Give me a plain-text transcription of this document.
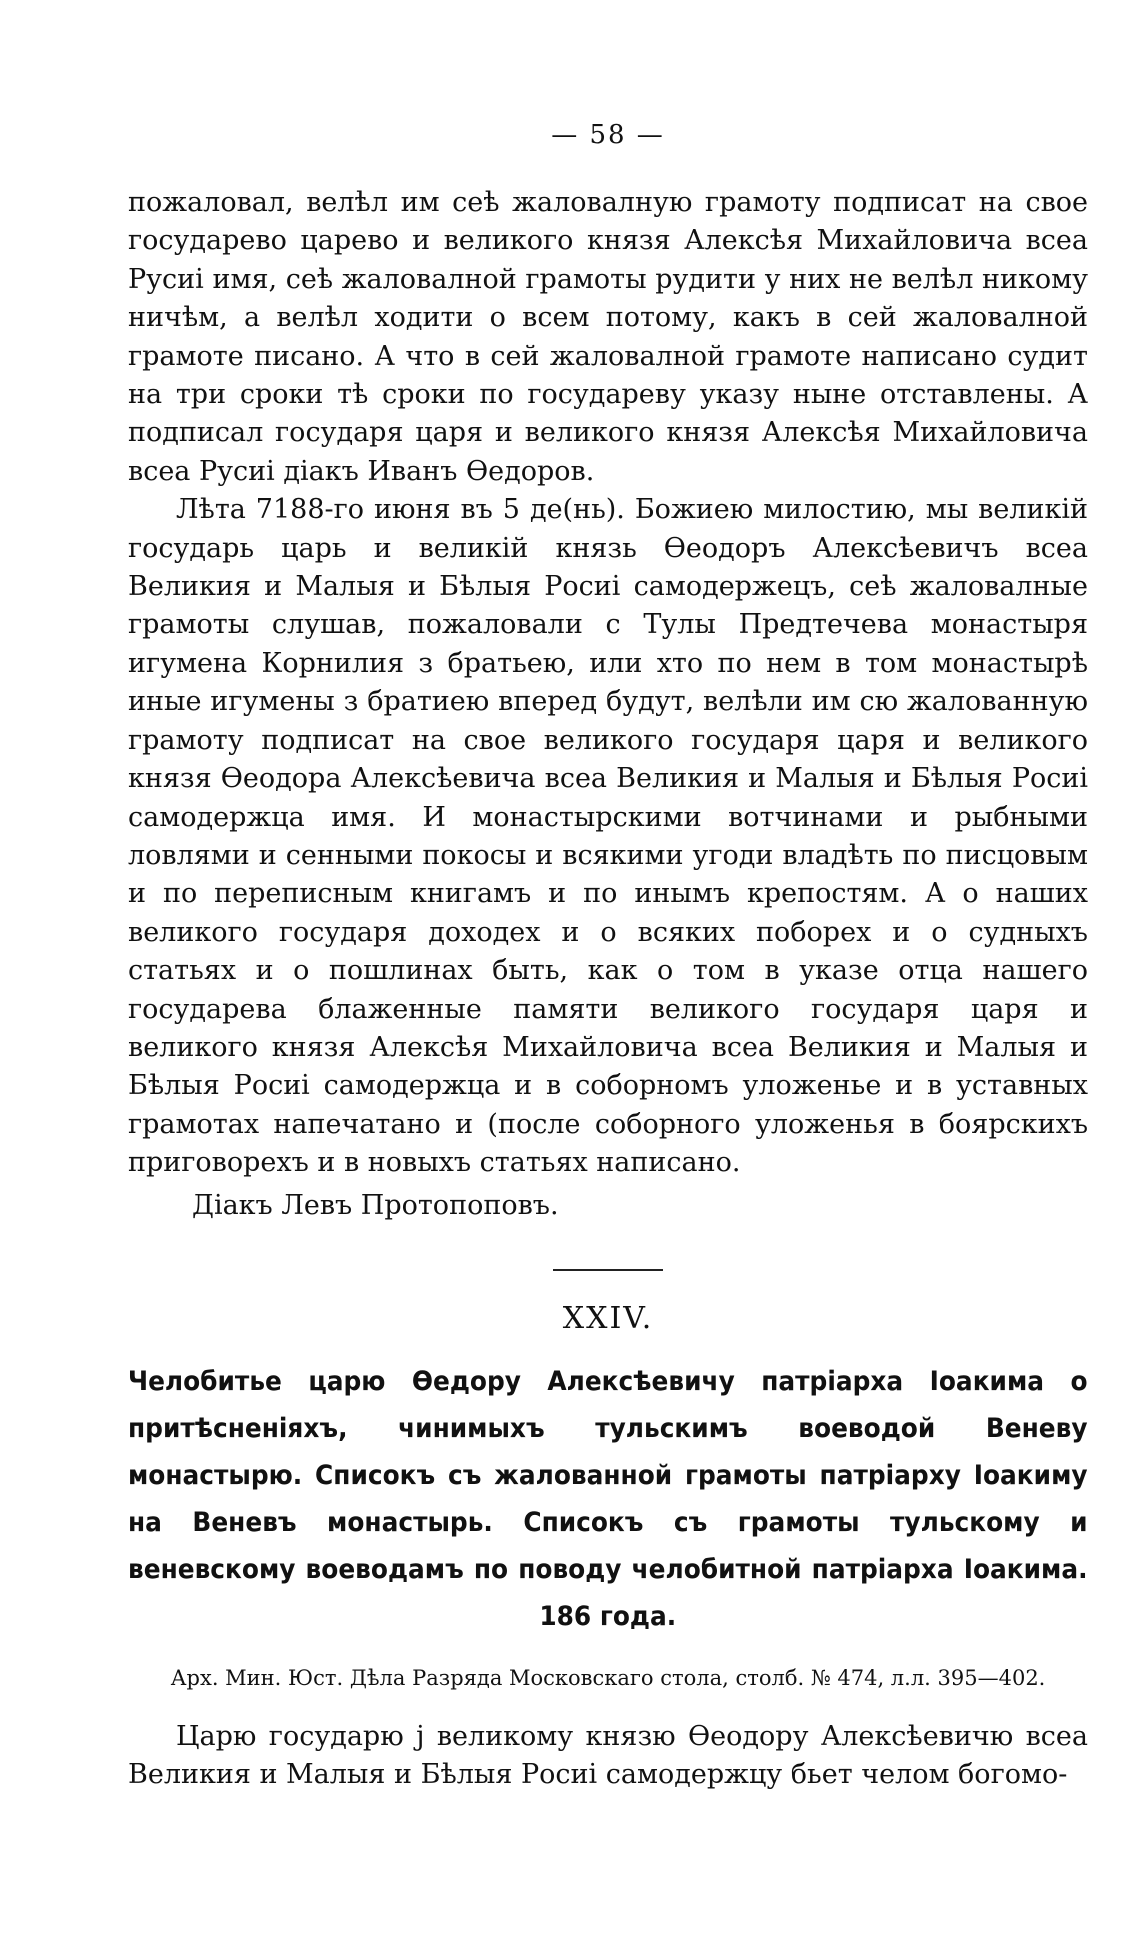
— 58 —

пожаловал, велѣл им сеѣ жаловалную грамоту подписат на свое государево царево и великого князя Алексѣя Михайловича всеа Русиі имя, сеѣ жаловалной грамоты рудити у них не велѣл никому ничѣм, а велѣл ходити о всем потому, какъ в сей жаловалной грамоте писано. А что в сей жаловалной грамоте написано судит на три сроки тѣ сроки по государеву указу ныне отставлены. А подписал государя царя и великого князя Алексѣя Михайловича всеа Русиі діакъ Иванъ Ѳедоров.

Лѣта 7188-го июня въ 5 де(нь). Божиею милостию, мы великій государь царь и великій князь Ѳеодоръ Алексѣевичъ всеа Великия и Малыя и Бѣлыя Росиі самодержецъ, сеѣ жаловалные грамоты слушав, пожаловали с Тулы Предтечева монастыря игумена Корнилия з братьею, или хто по нем в том монастырѣ иные игумены з братиею вперед будут, велѣли им сю жалованную грамоту подписат на свое великого государя царя и великого князя Ѳеодора Алексѣевича всеа Великия и Малыя и Бѣлыя Росиі самодержца имя. И монастырскими вотчинами и рыбными ловлями и сенными покосы и всякими угоди владѣть по писцовым и по переписным книгамъ и по инымъ крепостям. А о наших великого государя доходех и о всяких поборех и о судныхъ статьях и о пошлинах быть, как о том в указе отца нашего государева блаженные памяти великого государя царя и великого князя Алексѣя Михайловича всеа Великия и Малыя и Бѣлыя Росиі самодержца и в соборномъ уложенье и в уставных грамотах напечатано и (после соборного уложенья в боярскихъ приговорехъ и в новыхъ статьях написано.

Діакъ Левъ Протопоповъ.
XXIV.

Челобитье царю Ѳедору Алексѣевичу патріарха Іоакима о притѣсненіяхъ, чинимыхъ тульскимъ воеводой Веневу монастырю. Списокъ съ жалованной грамоты патріарху Іоакиму на Веневъ монастырь. Списокъ съ грамоты тульскому и веневскому воеводамъ по поводу челобитной патріарха Іоакима. 186 года.

Арх. Мин. Юст. Дѣла Разряда Московскаго стола, столб. № 474, л.л. 395—402.

Царю государю ј великому князю Ѳеодору Алексѣевичю всеа Великия и Малыя и Бѣлыя Росиі самодержцу бьет челом богомо-
